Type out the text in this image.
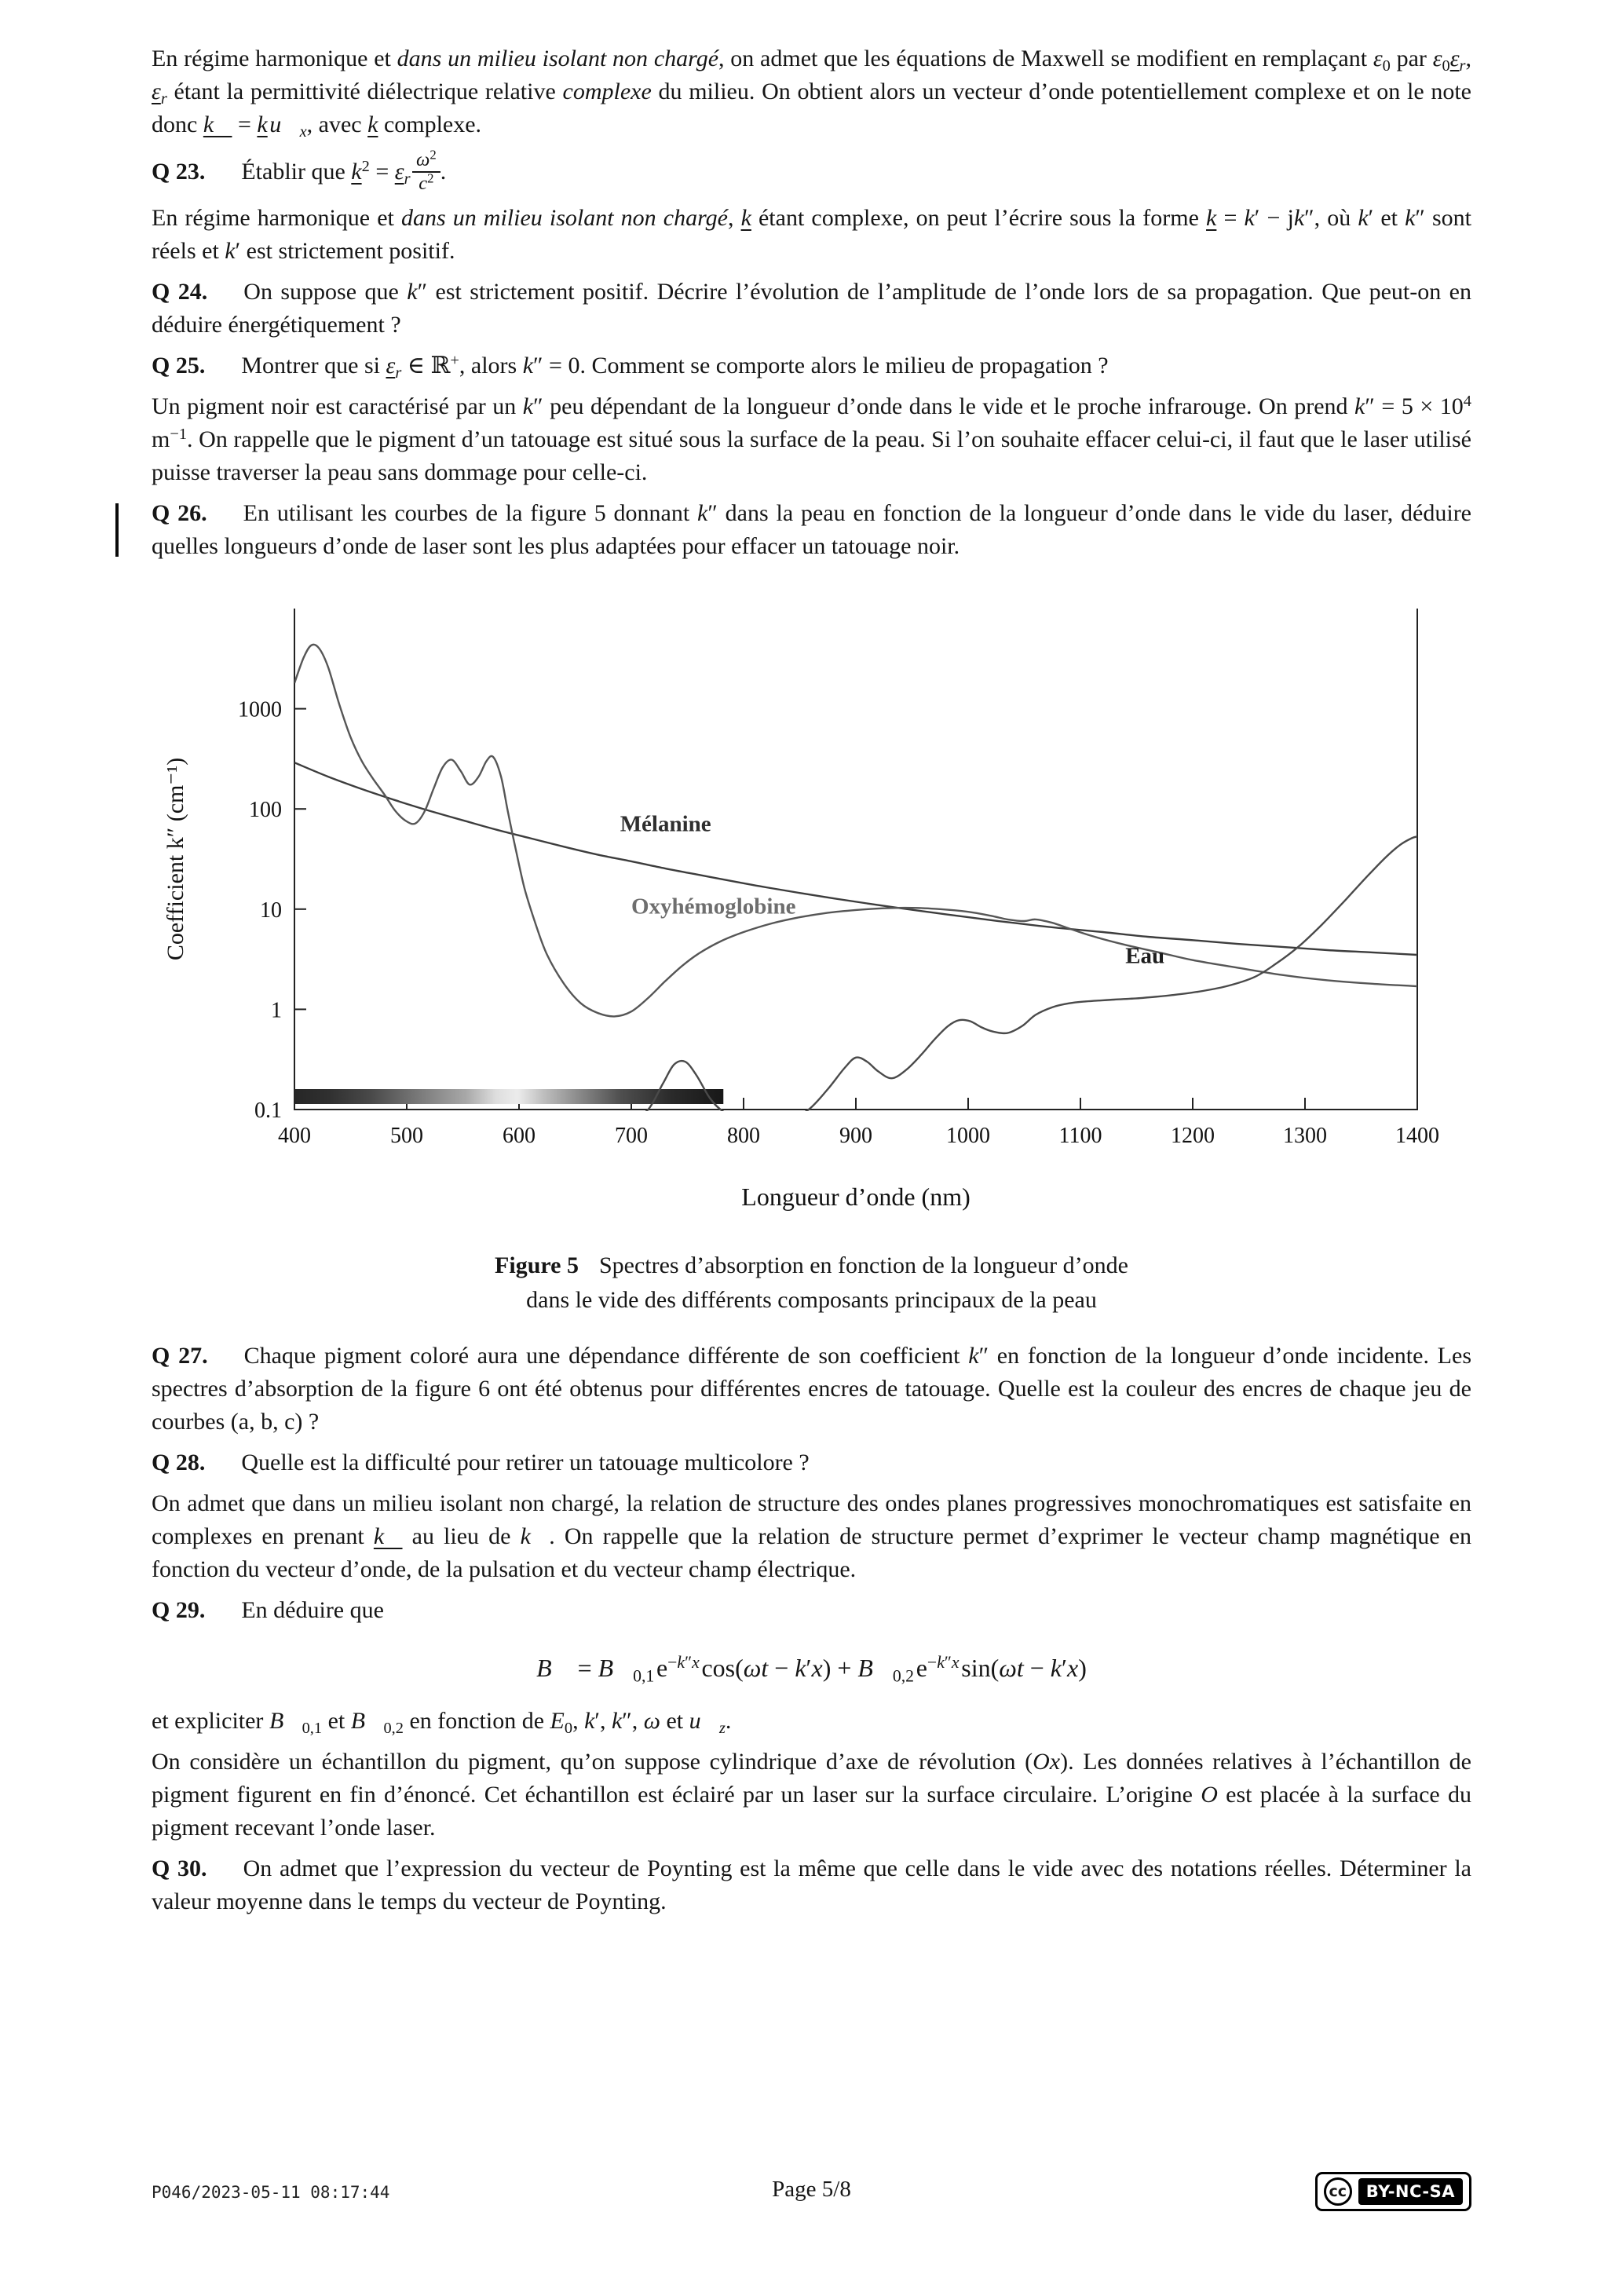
En régime harmonique et dans un milieu isolant non chargé, on admet que les équations de Maxwell se modifient en remplaçant $\varepsilon_0$ par $\varepsilon_0\varepsilon_r$, $\varepsilon_r$ étant la permittivité diélectrique relative complexe du milieu. On obtient alors un vecteur d’onde potentiellement complexe et on le note donc k⃗ = k $u⃗_x$, avec k complexe.

Q 23. Établir que $k^2 = \varepsilon_r$  $\frac{\omega^2}{c^2}$ .

En régime harmonique et dans un milieu isolant non chargé, k étant complexe, on peut l’écrire sous la forme k = k′ − jk″, où k′ et k″ sont réels et k′ est strictement positif.

Q 24. On suppose que k″ est strictement positif. Décrire l’évolution de l’amplitude de l’onde lors de sa propagation. Que peut-on en déduire énergétiquement ?

Q 25. Montrer que si $\varepsilon_r$ ∈ ℝ+, alors k″ = 0. Comment se comporte alors le milieu de propagation ?

Un pigment noir est caractérisé par un k″ peu dépendant de la longueur d’onde dans le vide et le proche infrarouge. On prend $k'' = 5 \times 10^4$ $m^{-1}$. On rappelle que le pigment d’un tatouage est situé sous la surface de la peau. Si l’on souhaite effacer celui-ci, il faut que le laser utilisé puisse traverser la peau sans dommage pour celle-ci.

Q 26. En utilisant les courbes de la figure 5 donnant k″ dans la peau en fonction de la longueur d’onde dans le vide du laser, déduire quelles longueurs d’onde de laser sont les plus adaptées pour effacer un tatouage noir.

1000
100
10
1
0.1
400	500	600	700	800	900	1000	1100	1200	1300	1400
Mélanine
Oxyhémoglobine
Eau
Longueur d’onde (nm)
Coefficient k″ (cm⁻¹)
Figure 5 Spectres d’absorption en fonction de la longueur d’onde
dans le vide des différents composants principaux de la peau

Q 27. Chaque pigment coloré aura une dépendance différente de son coefficient k″ en fonction de la longueur d’onde incidente. Les spectres d’absorption de la figure 6 ont été obtenus pour différentes encres de tatouage. Quelle est la couleur des encres de chaque jeu de courbes (a, b, c) ?

Q 28. Quelle est la difficulté pour retirer un tatouage multicolore ?

On admet que dans un milieu isolant non chargé, la relation de structure des ondes planes progressives monochromatiques est satisfaite en complexes en prenant k⃗ au lieu de k⃗. On rappelle que la relation de structure permet d’exprimer le vecteur champ magnétique en fonction du vecteur d’onde, de la pulsation et du vecteur champ électrique.

Q 29. En déduire que

B⃗ = $B⃗_{0,1}$ $e^{-k''x}$ $\cos(\omega t - k'x) + B⃗_{0,2}$ $e^{-k''x}$ sin(ωt − k′x)

et expliciter $B⃗_{0,1}$ et $B⃗_{0,2}$ en fonction de $E_0$, k′, k″, ω et $u⃗_z$.

On considère un échantillon du pigment, qu’on suppose cylindrique d’axe de révolution (Ox). Les données relatives à l’échantillon de pigment figurent en fin d’énoncé. Cet échantillon est éclairé par un laser sur la surface circulaire. L’origine O est placée à la surface du pigment recevant l’onde laser.

Q 30. On admet que l’expression du vecteur de Poynting est la même que celle dans le vide avec des notations réelles. Déterminer la valeur moyenne dans le temps du vecteur de Poynting.

P046/2023-05-11 08:17:44	Page 5/8	cc	BY-NC-SA
